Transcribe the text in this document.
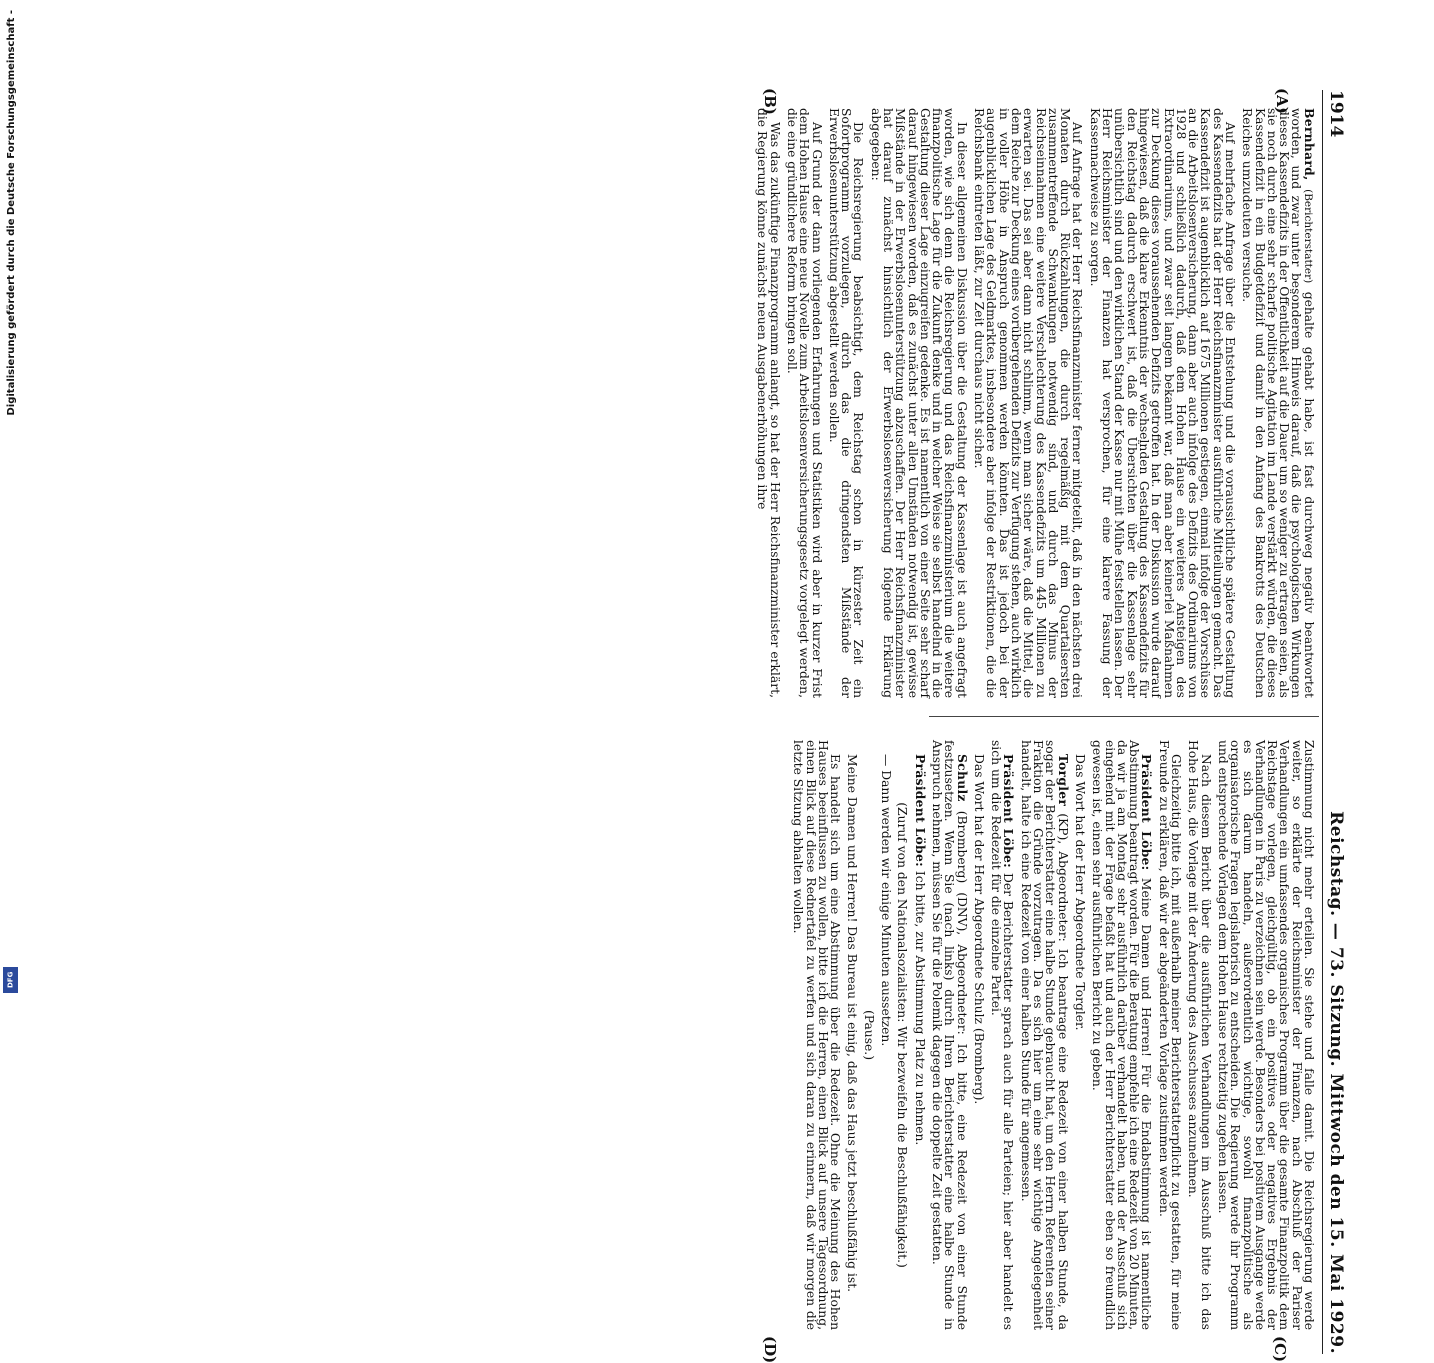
Digitalisierung gefördert durch die Deutsche Forschungsgemeinschaft -
DFG
1914
Reichstag. — 73. Sitzung. Mittwoch den 15. Mai 1929.
(A)
(B)
(C)
(D)

Bernhard, (Berichterstatter) gehalte gehabt habe, ist fast durchweg negativ beantwortet worden, und zwar unter besonderem Hinweis darauf, daß die psychologischen Wirkungen dieses Kassendefizits in der Öffentlichkeit auf die Dauer um so weniger zu ertragen seien, als sie noch durch eine sehr scharfe politische Agitation im Lande verstärkt würden, die dieses Kassendefizit in ein Budgetdefizit und damit in den Anfang des Bankrotts des Deutschen Reiches umzudeuten versuche.

Auf mehrfache Anfrage über die Entstehung und die voraussichtliche spätere Gestaltung des Kassendefizits hat der Herr Reichsfinanzminister ausführliche Mitteilungen gemacht. Das Kassendefizit ist augenblicklich auf 1675 Millionen gestiegen, einmal infolge der Vorschüsse an die Arbeitslosenversicherung, dann aber auch infolge des Defizits des Ordinariums von 1928 und schließlich dadurch, daß dem Hohen Hause ein weiteres Ansteigen des Extraordinariums, und zwar seit langem bekannt war, daß man aber keinerlei Maßnahmen zur Deckung dieses voraussehenden Defizits getroffen hat. In der Diskussion wurde darauf hingewiesen, daß die klare Erkenntnis der wechselnden Gestaltung des Kassendefizits für den Reichstag dadurch erschwert ist, daß die Übersichten über die Kassenlage sehr unübersichtlich sind und den wirklichen Stand der Kasse nur mit Mühe feststellen lassen. Der Herr Reichsminister der Finanzen hat versprochen, für eine klarere Fassung der Kassennachweise zu sorgen.

Auf Anfrage hat der Herr Reichsfinanzminister ferner mitgeteilt, daß in den nächsten drei Monaten durch Rückzahlungen, die durch regelmäßig mit dem Quartalsersten zusammentreffende Schwankungen notwendig sind, und durch das Minus der Reichseinnahmen eine weitere Verschlechterung des Kassendefizits um 445 Millionen zu erwarten sei. Das sei aber dann nicht schlimm, wenn man sicher wäre, daß die Mittel, die dem Reiche zur Deckung eines vorübergehenden Defizits zur Verfügung stehen, auch wirklich in voller Höhe in Anspruch genommen werden könnten. Das ist jedoch bei der augenblicklichen Lage des Geldmarktes, insbesondere aber infolge der Restriktionen, die die Reichsbank eintreten läßt, zur Zeit durchaus nicht sicher.

In dieser allgemeinen Diskussion über die Gestaltung der Kassenlage ist auch angefragt worden, wie sich denn die Reichsregierung und das Reichsfinanzministerium die weitere finanzpolitische Lage für die Zukunft denke und in welcher Weise sie selbst handelnd in die Gestaltung dieser Lage einzugreifen gedenke. Es ist namentlich von einer Seite sehr scharf darauf hingewiesen worden, daß es zunächst unter allen Umständen notwendig ist, gewisse Mißstände in der Erwerbslosenunterstützung abzuschaffen. Der Herr Reichsfinanzminister hat darauf zunächst hinsichtlich der Erwerbslosenversicherung folgende Erklärung abgegeben:

Die Reichsregierung beabsichtigt, dem Reichstag schon in kürzester Zeit ein Sofortprogramm vorzulegen, durch das die dringendsten Mißstände der Erwerbslosenunterstützung abgestellt werden sollen.

Auf Grund der dann vorliegenden Erfahrungen und Statistiken wird aber in kurzer Frist dem Hohen Hause eine neue Novelle zum Arbeitslosenversicherungsgesetz vorgelegt werden, die eine gründlichere Reform bringen soll.

Was das zukünftige Finanzprogramm anlangt, so hat der Herr Reichsfinanzminister erklärt, die Regierung könne zunächst neuen Ausgabenerhöhungen ihre

Zustimmung nicht mehr erteilen. Sie stehe und falle damit. Die Reichsregierung werde weiter, so erklärte der Reichsminister der Finanzen, nach Abschluß der Pariser Verhandlungen ein umfassendes organisches Programm über die gesamte Finanzpolitik dem Reichstage vorlegen, gleichgültig, ob ein positives oder negatives Ergebnis der Verhandlungen in Paris zu verzeichnen sein werde. Besonders bei positivem Ausgange werde es sich darum handeln, außerordentlich wichtige, sowohl finanzpolitische als organisatorische Fragen legislatorisch zu entscheiden. Die Regierung werde ihr Programm und entsprechende Vorlagen dem Hohen Hause rechtzeitig zugehen lassen.

Nach diesem Bericht über die ausführlichen Verhandlungen im Ausschuß bitte ich das Hohe Haus, die Vorlage mit der Änderung des Ausschusses anzunehmen.

Gleichzeitig bitte ich, mit außerhalb meiner Berichterstatterpflicht zu gestatten, für meine Freunde zu erklären, daß wir der abgeänderten Vorlage zustimmen werden.

Präsident Löbe: Meine Damen und Herren! Für die Endabstimmung ist namentliche Abstimmung beantragt worden. Für die Beratung empfehle ich eine Redezeit von 20 Minuten, da wir ja am Montag sehr ausführlich darüber verhandelt haben, und der Ausschuß sich eingehend mit der Frage befaßt hat und auch der Herr Berichterstatter eben so freundlich gewesen ist, einen sehr ausführlichen Bericht zu geben.

Das Wort hat der Herr Abgeordnete Torgler.

Torgler (KP), Abgeordneter: Ich beantrage eine Redezeit von einer halben Stunde, da sogar der Berichterstatter eine halbe Stunde gebraucht hat, um den Herrn Referenten seiner Fraktion die Gründe vorzutragen. Da es sich hier um eine sehr wichtige Angelegenheit handelt, halte ich eine Redezeit von einer halben Stunde für angemessen.

Präsident Löbe: Der Berichterstatter sprach auch für alle Parteien; hier aber handelt es sich um die Redezeit für die einzelne Partei.

Das Wort hat der Herr Abgeordnete Schulz (Bromberg).

Schulz (Bromberg) (DNV), Abgeordneter: Ich bitte, eine Redezeit von einer Stunde festzusetzen. Wenn Sie (nach links) durch Ihren Berichterstatter eine halbe Stunde in Anspruch nehmen, müssen Sie für die Polemik dagegen die doppelte Zeit gestatten.

Präsident Löbe: Ich bitte, zur Abstimmung Platz zu nehmen.

(Zuruf von den Nationalsozialisten: Wir bezweifeln die Beschlußfähigkeit.)

— Dann werden wir einige Minuten aussetzen.

(Pause.)

Meine Damen und Herren! Das Bureau ist einig, daß das Haus jetzt beschlußfähig ist.

Es handelt sich um eine Abstimmung über die Redezeit. Ohne die Meinung des Hohen Hauses beeinflussen zu wollen, bitte ich die Herren, einen Blick auf unsere Tagesordnung, einen Blick auf diese Rednertafel zu werfen und sich daran zu erinnern, daß wir morgen die letzte Sitzung abhalten wollen.
